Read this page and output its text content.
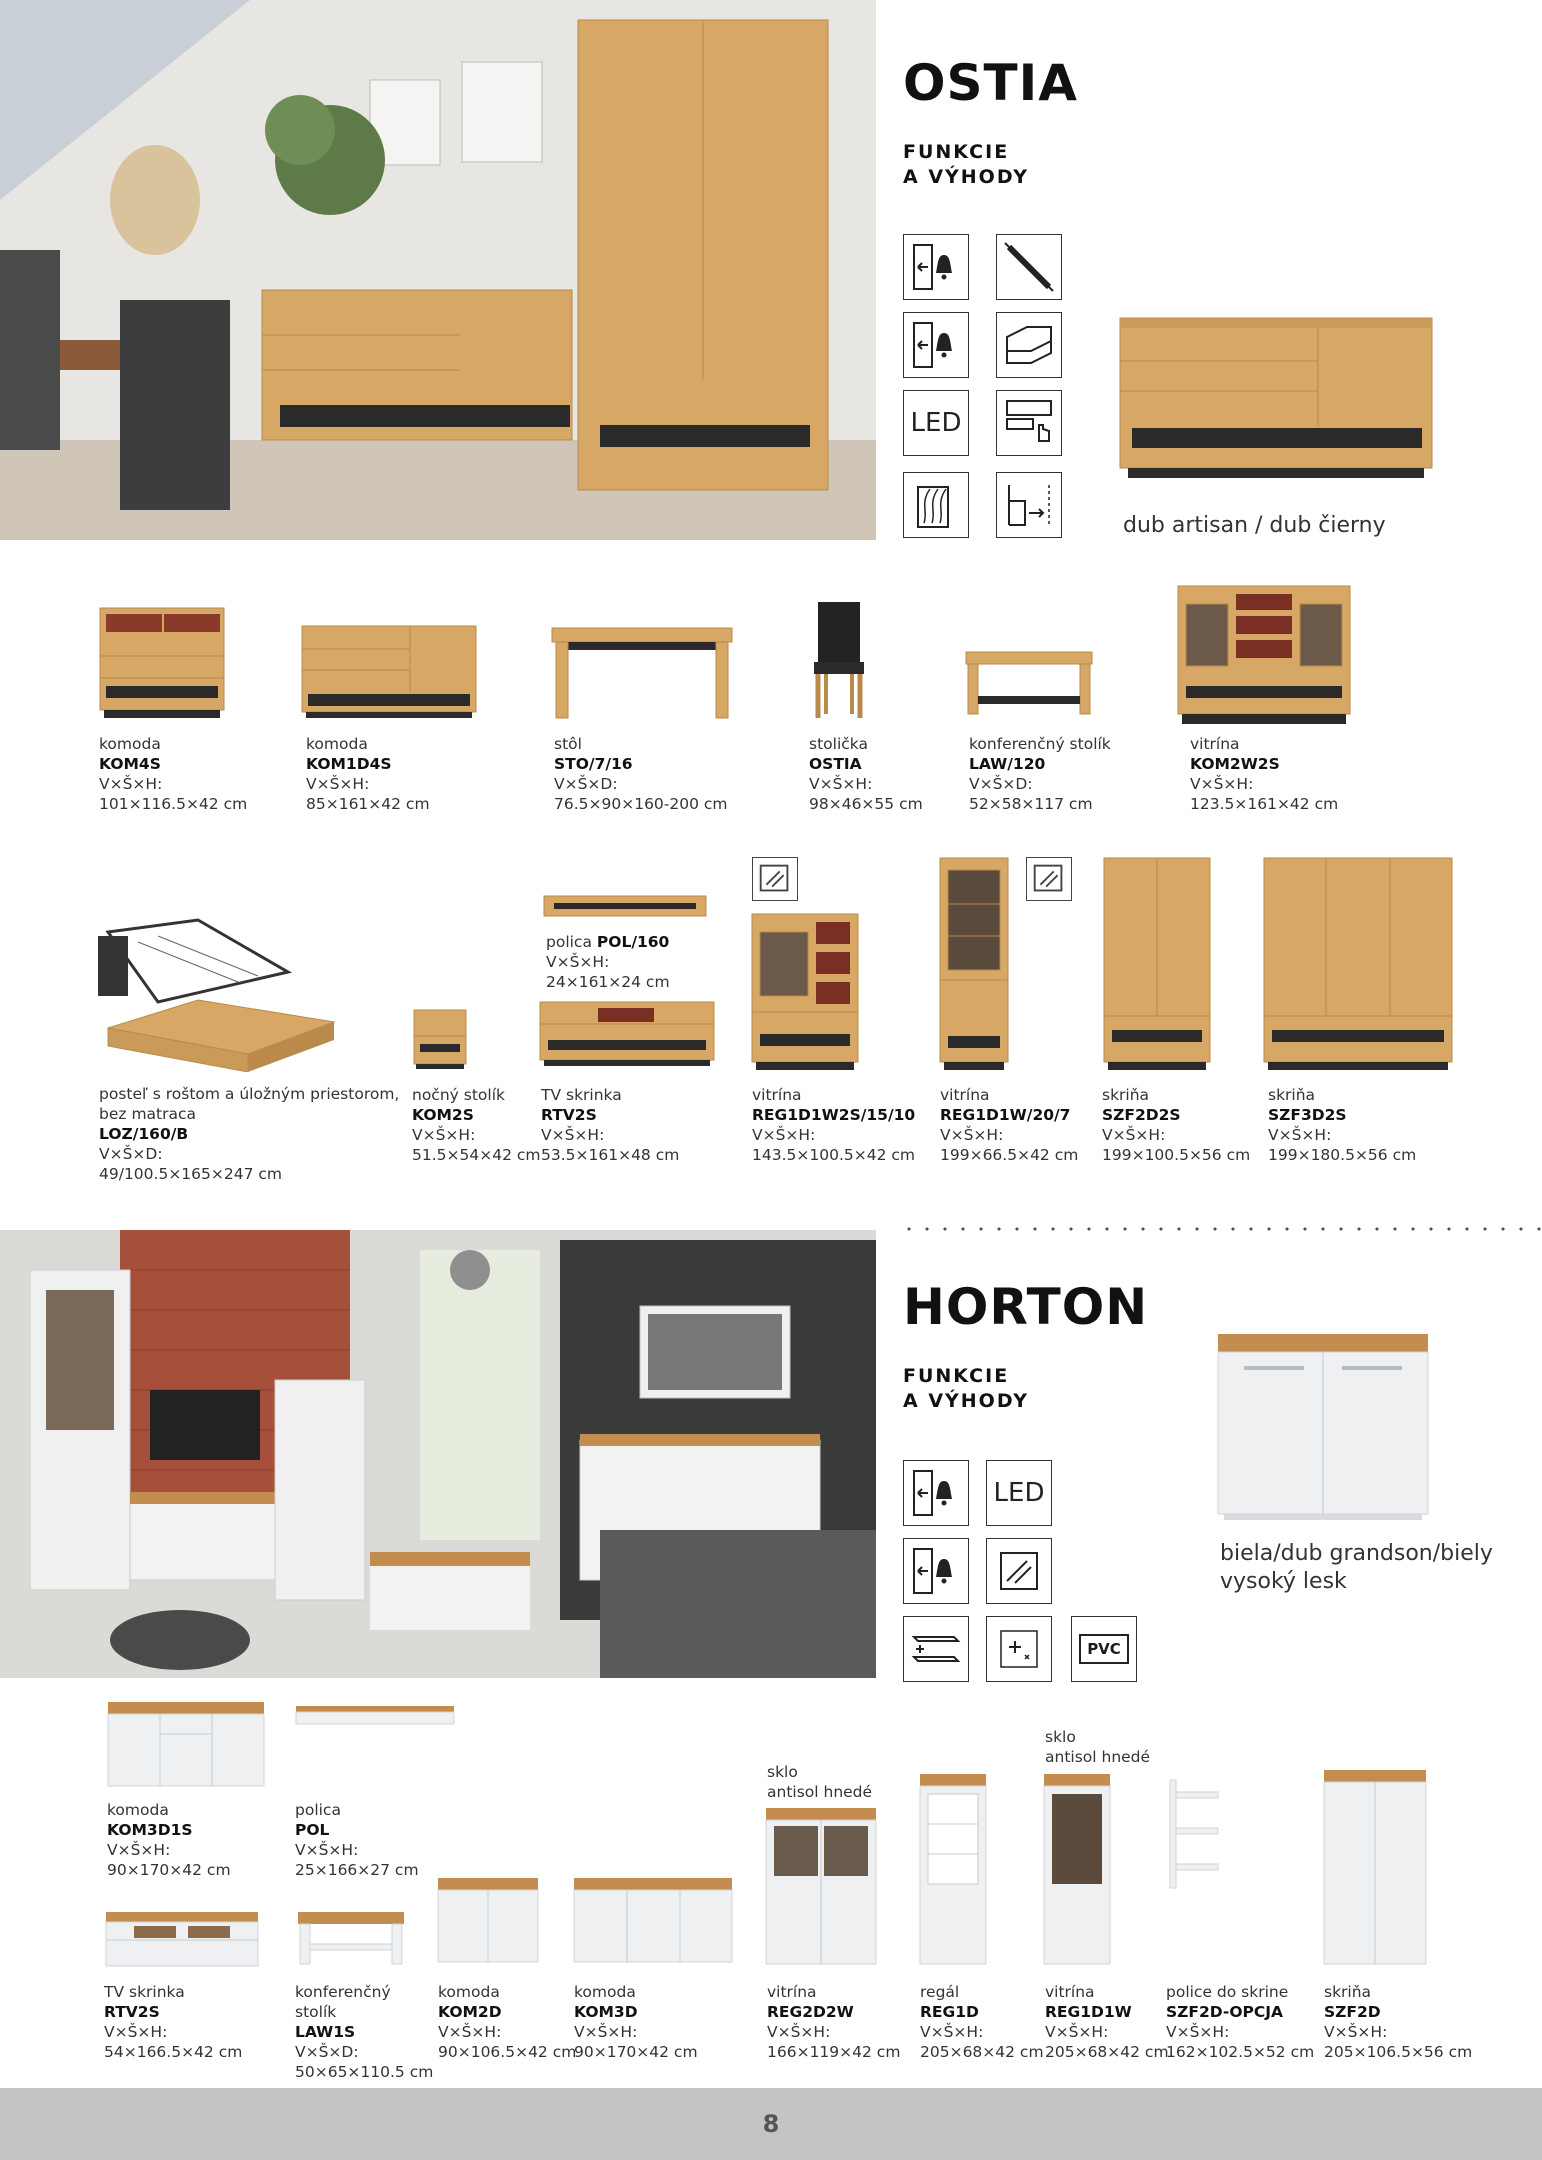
OSTIA
FUNKCIE
A VÝHODY
LED
dub artisan / dub čierny
komoda
KOM4S
V×Š×H:
101×116.5×42 cm
komoda
KOM1D4S
V×Š×H:
85×161×42 cm
stôl
STO/7/16
V×Š×D:
76.5×90×160-200 cm
stolička
OSTIA
V×Š×H:
98×46×55 cm
konferenčný stolík
LAW/120
V×Š×D:
52×58×117 cm
vitrína
KOM2W2S
V×Š×H:
123.5×161×42 cm
posteľ s roštom a úložným priestorom,
bez matraca
LOZ/160/B
V×Š×D:
49/100.5×165×247 cm
polica POL/160
V×Š×H:
24×161×24 cm
nočný stolík
KOM2S
V×Š×H:
51.5×54×42 cm
TV skrinka
RTV2S
V×Š×H:
53.5×161×48 cm
vitrína
REG1D1W2S/15/10
V×Š×H:
143.5×100.5×42 cm
vitrína
REG1D1W/20/7
V×Š×H:
199×66.5×42 cm
skriňa
SZF2D2S
V×Š×H:
199×100.5×56 cm
skriňa
SZF3D2S
V×Š×H:
199×180.5×56 cm
HORTON
FUNKCIE
A VÝHODY
LED
PVC
biela/dub grandson/biely
vysoký lesk
komoda
KOM3D1S
V×Š×H:
90×170×42 cm
polica
POL
V×Š×H:
25×166×27 cm
sklo
antisol hnedé
sklo
antisol hnedé
TV skrinka
RTV2S
V×Š×H:
54×166.5×42 cm
konferenčný
stolík
LAW1S
V×Š×D:
50×65×110.5 cm
komoda
KOM2D
V×Š×H:
90×106.5×42 cm
komoda
KOM3D
V×Š×H:
90×170×42 cm
vitrína
REG2D2W
V×Š×H:
166×119×42 cm
regál
REG1D
V×Š×H:
205×68×42 cm
vitrína
REG1D1W
V×Š×H:
205×68×42 cm
police do skrine
SZF2D-OPCJA
V×Š×H:
162×102.5×52 cm
skriňa
SZF2D
V×Š×H:
205×106.5×56 cm
8
